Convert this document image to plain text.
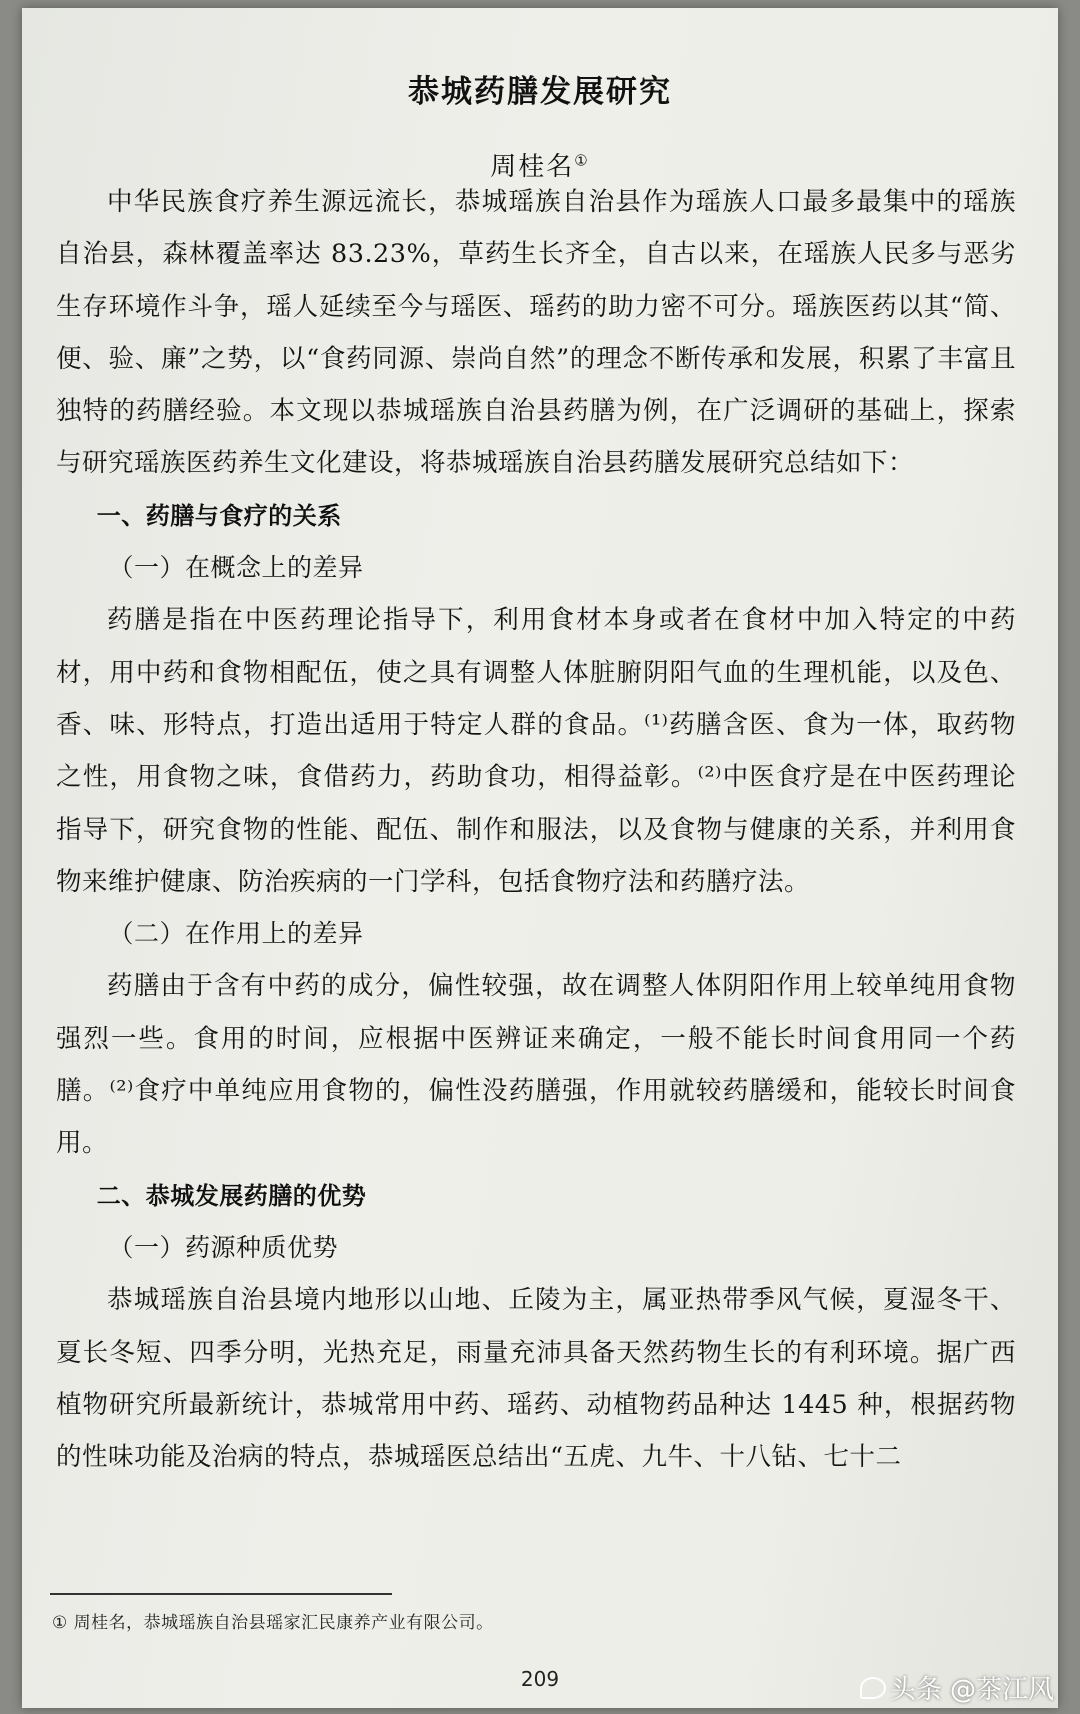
恭城药膳发展研究
周桂名①

中华民族食疗养生源远流长，恭城瑶族自治县作为瑶族人口最多最集中的瑶族自治县，森林覆盖率达 83.23%，草药生长齐全，自古以来，在瑶族人民多与恶劣生存环境作斗争，瑶人延续至今与瑶医、瑶药的助力密不可分。瑶族医药以其“简、便、验、廉”之势，以“食药同源、崇尚自然”的理念不断传承和发展，积累了丰富且独特的药膳经验。本文现以恭城瑶族自治县药膳为例，在广泛调研的基础上，探索与研究瑶族医药养生文化建设，将恭城瑶族自治县药膳发展研究总结如下：

一、药膳与食疗的关系
（一）在概念上的差异

药膳是指在中医药理论指导下，利用食材本身或者在食材中加入特定的中药材，用中药和食物相配伍，使之具有调整人体脏腑阴阳气血的生理机能，以及色、香、味、形特点，打造出适用于特定人群的食品。⁽¹⁾药膳含医、食为一体，取药物之性，用食物之味，食借药力，药助食功，相得益彰。⁽²⁾中医食疗是在中医药理论指导下，研究食物的性能、配伍、制作和服法，以及食物与健康的关系，并利用食物来维护健康、防治疾病的一门学科，包括食物疗法和药膳疗法。

（二）在作用上的差异

药膳由于含有中药的成分，偏性较强，故在调整人体阴阳作用上较单纯用食物强烈一些。食用的时间，应根据中医辨证来确定，一般不能长时间食用同一个药膳。⁽²⁾食疗中单纯应用食物的，偏性没药膳强，作用就较药膳缓和，能较长时间食用。

二、恭城发展药膳的优势
（一）药源种质优势

恭城瑶族自治县境内地形以山地、丘陵为主，属亚热带季风气候，夏湿冬干、夏长冬短、四季分明，光热充足，雨量充沛具备天然药物生长的有利环境。据广西植物研究所最新统计，恭城常用中药、瑶药、动植物药品种达 1445 种，根据药物的性味功能及治病的特点，恭城瑶医总结出“五虎、九牛、十八钻、七十二

① 周桂名，恭城瑶族自治县瑶家汇民康养产业有限公司。
209	头条 @茶江风
